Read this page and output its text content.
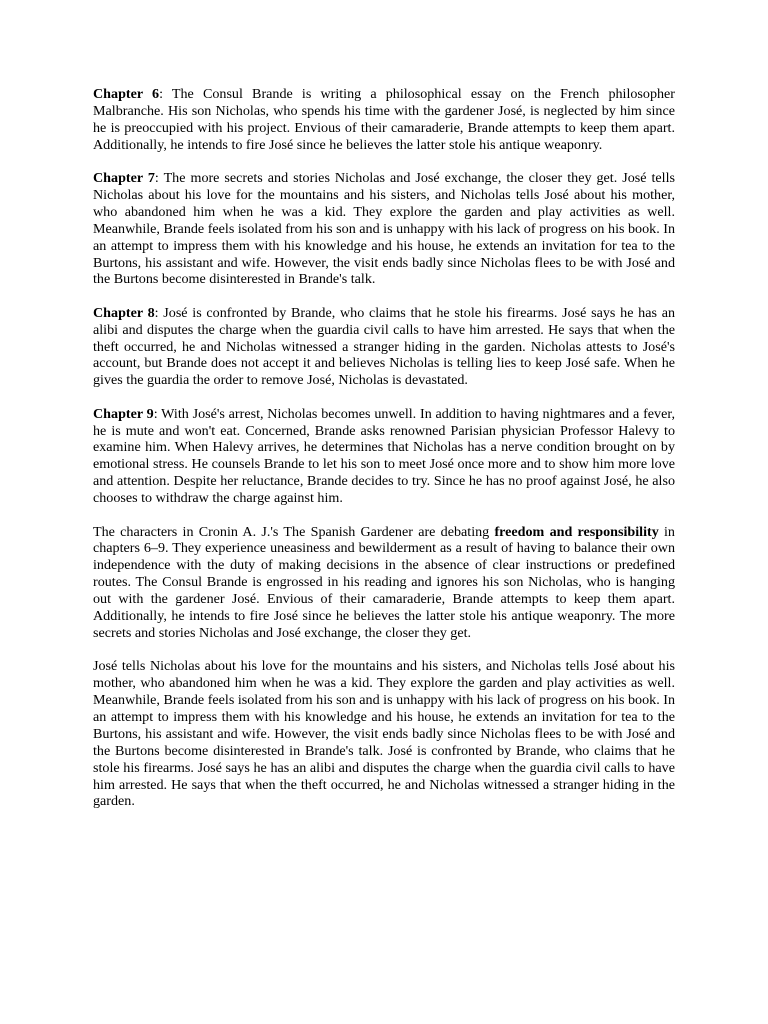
Chapter 6: The Consul Brande is writing a philosophical essay on the French philosopher Malbranche. His son Nicholas, who spends his time with the gardener José, is neglected by him since he is preoccupied with his project. Envious of their camaraderie, Brande attempts to keep them apart. Additionally, he intends to fire José since he believes the latter stole his antique weaponry.

Chapter 7: The more secrets and stories Nicholas and José exchange, the closer they get. José tells Nicholas about his love for the mountains and his sisters, and Nicholas tells José about his mother, who abandoned him when he was a kid. They explore the garden and play activities as well. Meanwhile, Brande feels isolated from his son and is unhappy with his lack of progress on his book. In an attempt to impress them with his knowledge and his house, he extends an invitation for tea to the Burtons, his assistant and wife. However, the visit ends badly since Nicholas flees to be with José and the Burtons become disinterested in Brande's talk.

Chapter 8: José is confronted by Brande, who claims that he stole his firearms. José says he has an alibi and disputes the charge when the guardia civil calls to have him arrested. He says that when the theft occurred, he and Nicholas witnessed a stranger hiding in the garden. Nicholas attests to José's account, but Brande does not accept it and believes Nicholas is telling lies to keep José safe. When he gives the guardia the order to remove José, Nicholas is devastated.

Chapter 9: With José's arrest, Nicholas becomes unwell. In addition to having nightmares and a fever, he is mute and won't eat. Concerned, Brande asks renowned Parisian physician Professor Halevy to examine him. When Halevy arrives, he determines that Nicholas has a nerve condition brought on by emotional stress. He counsels Brande to let his son to meet José once more and to show him more love and attention. Despite her reluctance, Brande decides to try. Since he has no proof against José, he also chooses to withdraw the charge against him.

The characters in Cronin A. J.'s The Spanish Gardener are debating freedom and responsibility in chapters 6–9. They experience uneasiness and bewilderment as a result of having to balance their own independence with the duty of making decisions in the absence of clear instructions or predefined routes. The Consul Brande is engrossed in his reading and ignores his son Nicholas, who is hanging out with the gardener José. Envious of their camaraderie, Brande attempts to keep them apart. Additionally, he intends to fire José since he believes the latter stole his antique weaponry. The more secrets and stories Nicholas and José exchange, the closer they get.

José tells Nicholas about his love for the mountains and his sisters, and Nicholas tells José about his mother, who abandoned him when he was a kid. They explore the garden and play activities as well. Meanwhile, Brande feels isolated from his son and is unhappy with his lack of progress on his book. In an attempt to impress them with his knowledge and his house, he extends an invitation for tea to the Burtons, his assistant and wife. However, the visit ends badly since Nicholas flees to be with José and the Burtons become disinterested in Brande's talk. José is confronted by Brande, who claims that he stole his firearms. José says he has an alibi and disputes the charge when the guardia civil calls to have him arrested. He says that when the theft occurred, he and Nicholas witnessed a stranger hiding in the garden.
